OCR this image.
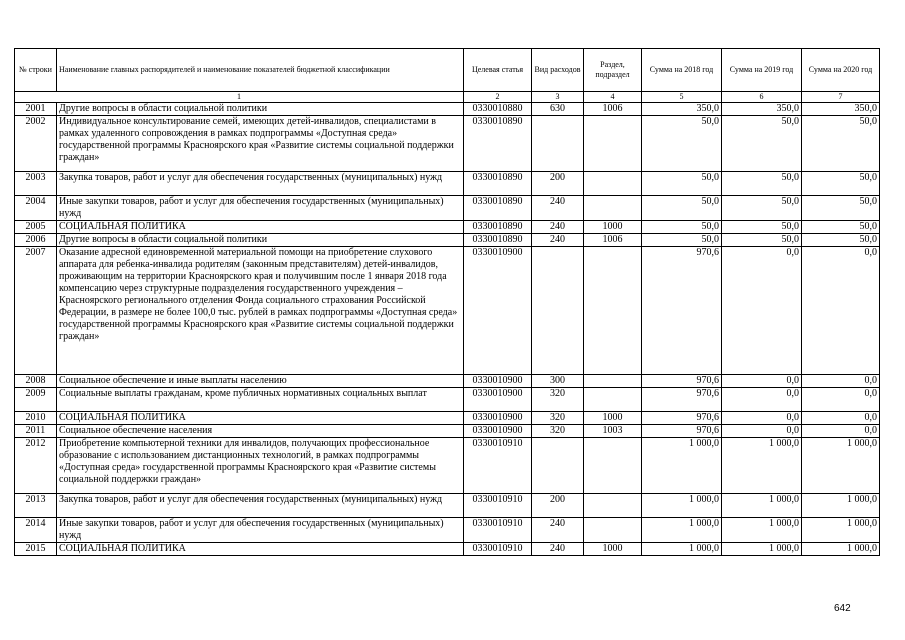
№ строки	Наименование главных распорядителей и наименование показателей бюджетной классификации	Целевая статья	Вид расходов	Раздел, подраздел	Сумма на 2018 год	Сумма на 2019 год	Сумма на 2020 год
1		2	3	4	5	6	7
2001	Другие вопросы в области социальной политики	0330010880	630	1006	350,0	350,0	350,0
2002	Индивидуальное консультирование семей, имеющих детей-инвалидов, специалистами в рамках удаленного сопровождения в рамках подпрограммы «Доступная среда» государственной программы Красноярского края «Развитие системы социальной поддержки граждан»	0330010890			50,0	50,0	50,0
2003	Закупка товаров, работ и услуг для обеспечения государственных (муниципальных) нужд	0330010890	200		50,0	50,0	50,0
2004	Иные закупки товаров, работ и услуг для обеспечения государственных (муниципальных) нужд	0330010890	240		50,0	50,0	50,0
2005	СОЦИАЛЬНАЯ ПОЛИТИКА	0330010890	240	1000	50,0	50,0	50,0
2006	Другие вопросы в области социальной политики	0330010890	240	1006	50,0	50,0	50,0
2007	Оказание адресной единовременной материальной помощи на приобретение слухового аппарата для ребенка-инвалида родителям (законным представителям) детей-инвалидов, проживающим на территории Красноярского края и получившим после 1 января 2018 года компенсацию через структурные подразделения государственного учреждения – Красноярского регионального отделения Фонда социального страхования Российской Федерации, в размере не более 100,0 тыс. рублей в рамках подпрограммы «Доступная среда» государственной программы Красноярского края «Развитие системы социальной поддержки граждан»	0330010900			970,6	0,0	0,0
2008	Социальное обеспечение и иные выплаты населению	0330010900	300		970,6	0,0	0,0
2009	Социальные выплаты гражданам, кроме публичных нормативных социальных выплат	0330010900	320		970,6	0,0	0,0
2010	СОЦИАЛЬНАЯ ПОЛИТИКА	0330010900	320	1000	970,6	0,0	0,0
2011	Социальное обеспечение населения	0330010900	320	1003	970,6	0,0	0,0
2012	Приобретение компьютерной техники для инвалидов, получающих профессиональное образование с использованием дистанционных технологий, в рамках подпрограммы «Доступная среда» государственной программы Красноярского края «Развитие системы социальной поддержки граждан»	0330010910			1 000,0	1 000,0	1 000,0
2013	Закупка товаров, работ и услуг для обеспечения государственных (муниципальных) нужд	0330010910	200		1 000,0	1 000,0	1 000,0
2014	Иные закупки товаров, работ и услуг для обеспечения государственных (муниципальных) нужд	0330010910	240		1 000,0	1 000,0	1 000,0
2015	СОЦИАЛЬНАЯ ПОЛИТИКА	0330010910	240	1000	1 000,0	1 000,0	1 000,0
642
